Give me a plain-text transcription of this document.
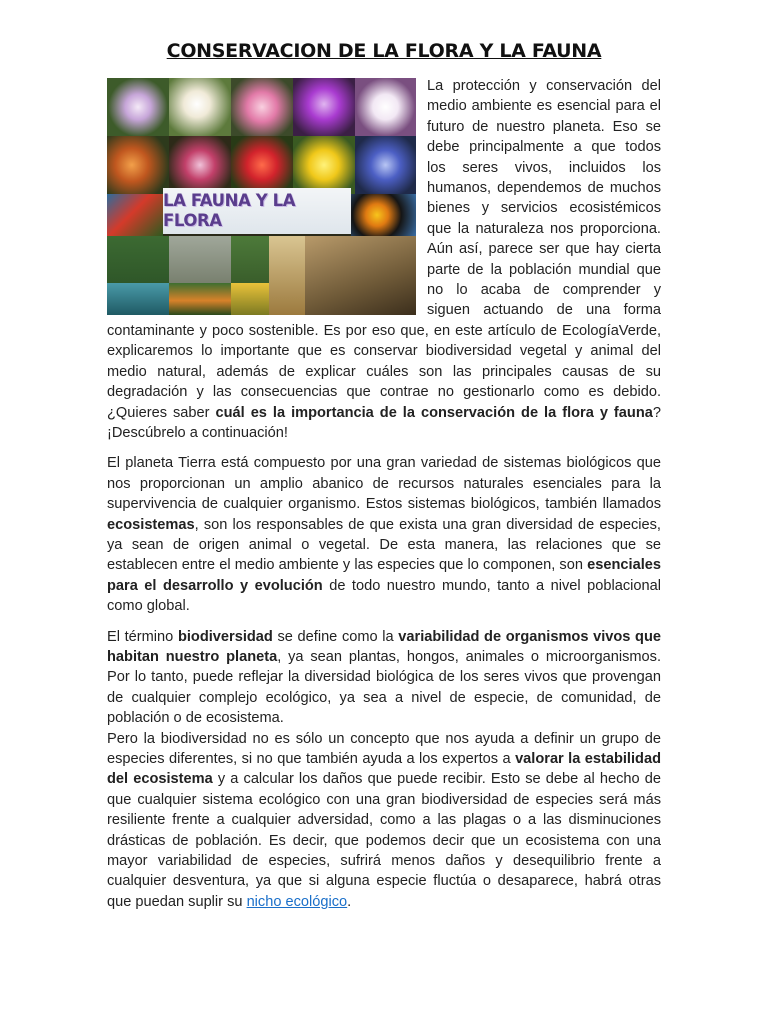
CONSERVACION DE LA FLORA Y LA FAUNA
LA FAUNA Y LA FLORA

La protección y conservación del medio ambiente es esencial para el futuro de nuestro planeta. Eso se debe principalmente a que todos los seres vivos, incluidos los humanos, dependemos de muchos bienes y servicios ecosistémicos que la naturaleza nos proporciona. Aún así, parece ser que hay cierta parte de la población mundial que no lo acaba de comprender y siguen actuando de una forma contaminante y poco sostenible. Es por eso que, en este artículo de EcologíaVerde, explicaremos lo importante que es conservar biodiversidad vegetal y animal del medio natural, además de explicar cuáles son las principales causas de su degradación y las consecuencias que contrae no gestionarlo como es debido. ¿Quieres saber cuál es la importancia de la conservación de la flora y fauna? ¡Descúbrelo a continuación!

El planeta Tierra está compuesto por una gran variedad de sistemas biológicos que nos proporcionan un amplio abanico de recursos naturales esenciales para la supervivencia de cualquier organismo. Estos sistemas biológicos, también llamados ecosistemas, son los responsables de que exista una gran diversidad de especies, ya sean de origen animal o vegetal. De esta manera, las relaciones que se establecen entre el medio ambiente y las especies que lo componen, son esenciales para el desarrollo y evolución de todo nuestro mundo, tanto a nivel poblacional como global.

El término biodiversidad se define como la variabilidad de organismos vivos que habitan nuestro planeta, ya sean plantas, hongos, animales o microorganismos. Por lo tanto, puede reflejar la diversidad biológica de los seres vivos que provengan de cualquier complejo ecológico, ya sea a nivel de especie, de comunidad, de población o de ecosistema.

Pero la biodiversidad no es sólo un concepto que nos ayuda a definir un grupo de especies diferentes, si no que también ayuda a los expertos a valorar la estabilidad del ecosistema y a calcular los daños que puede recibir. Esto se debe al hecho de que cualquier sistema ecológico con una gran biodiversidad de especies será más resiliente frente a cualquier adversidad, como a las plagas o a las disminuciones drásticas de población. Es decir, que podemos decir que un ecosistema con una mayor variabilidad de especies, sufrirá menos daños y desequilibrio frente a cualquier desventura, ya que si alguna especie fluctúa o desaparece, habrá otras que puedan suplir su nicho ecológico.
